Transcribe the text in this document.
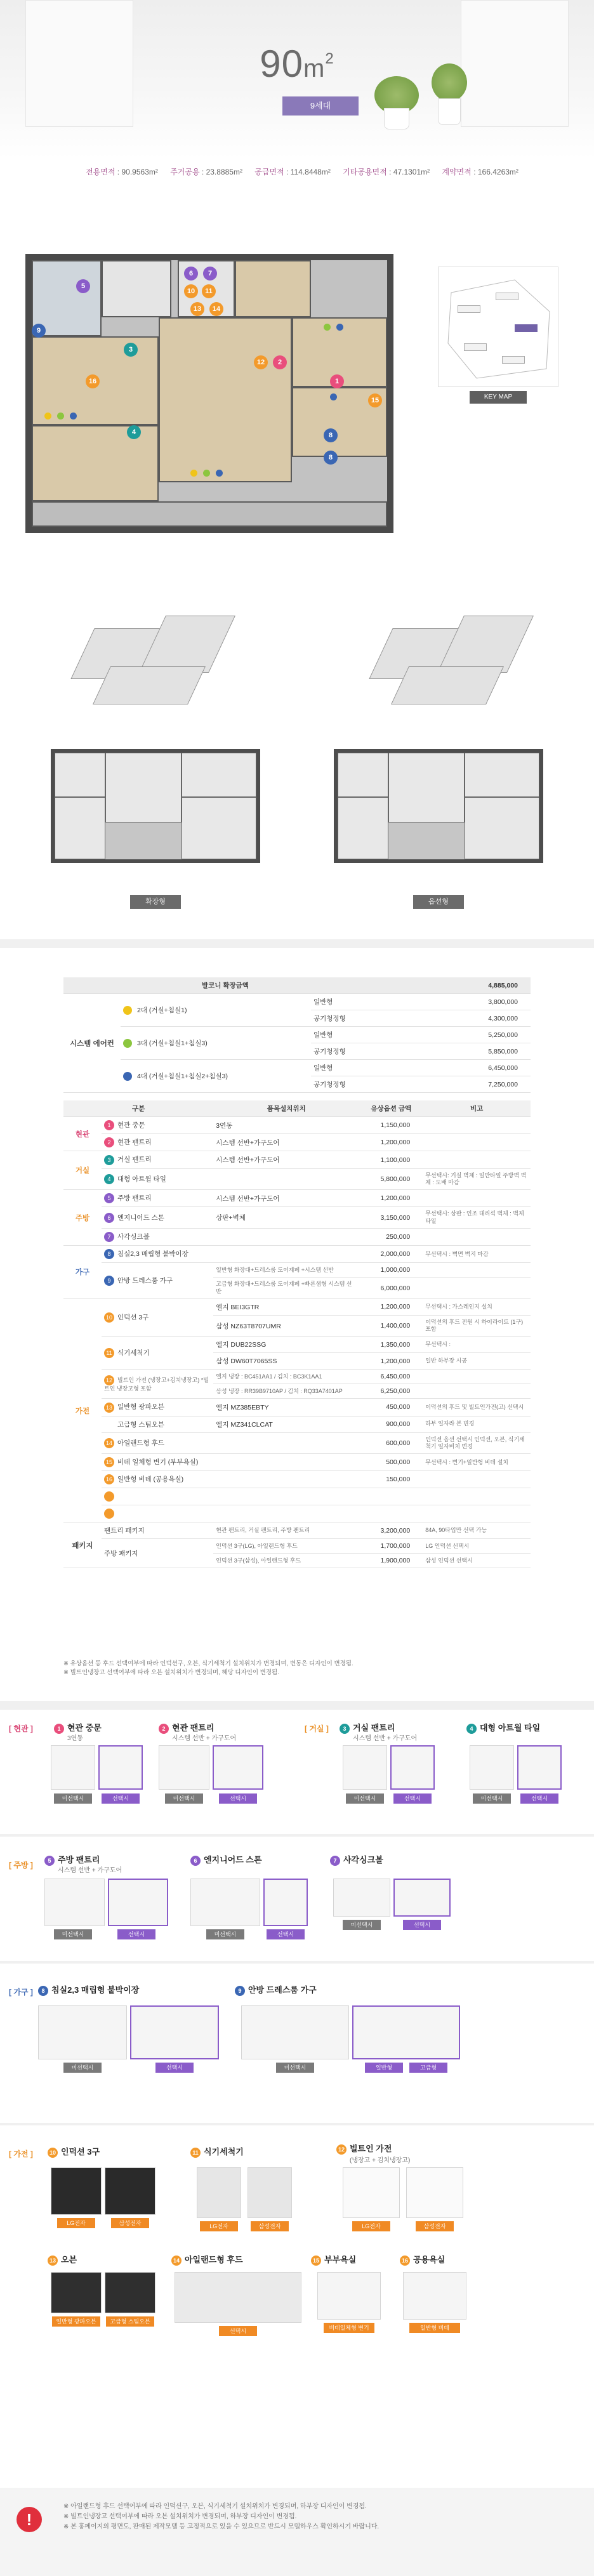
$90m^2$
9세대
전용면적 : 90.9563m² 주거공용 : 23.8885m² 공급면적 : 114.8448m² 기타공용면적 : 47.1301m² 계약면적 : 166.4263m²
5
6	7
10	11
13	14
9
3
12	2
1
16
15
4	8
8
KEY MAP
확장형	옵션형
발코니 확장금액			4,885,000
시스템 에어컨	2대 (거실+침실1)	일반형	3,800,000
		공기청정형	4,300,000
	3대 (거실+침실1+침실3)	일반형	5,250,000
		공기청정형	5,850,000
	4대 (거실+침실1+침실2+침실3)	일반형	6,450,000
		공기청정형	7,250,000
구분		품목설치위치	유상옵션 금액	비고
현관	1 현관 중문	3연동	1,150,000	
	2 현관 팬트리	시스템 선반+가구도어	1,200,000	
거실	3 거실 팬트리	시스템 선반+가구도어	1,100,000	
	4 대형 아트월 타일		5,800,000	무선택시: 거실 벽체 : 일반타일 주방벽 벽체 : 도배 마감
주방	5 주방 팬트리	시스템 선반+가구도어	1,200,000	
	6 엔지니어드 스톤	상판+벽체	3,150,000	무선택시: 상판 : 인조 대리석 벽체 : 벽체 타일
	7 사각싱크볼		250,000	
가구	8 침실2,3 매립형 붙박이장		2,000,000	무선택시 : 벽면 벽지 마감
	9 안방 드레스룸 가구	일반형 화장대+드레스룸 도어계폐 +시스템 선반	1,000,000	
		고급형 화장대+드레스룸 도어계폐 +빠른샘형 시스템 선반	6,000,000	
가전	10 인덕션 3구	엘지 BEI3GTR	1,200,000	무선택시 : 가스레인지 설치
		삼성 NZ63T8707UMR	1,400,000	이덕션의 후드 전원 시 하이라이트 (1구) 포함
	11 식기세척기	엘지 DUB22SSG	1,350,000	무선택시 :
		삼성 DW60T7065SS	1,200,000	일반 하부장 시공
	12 빌트인 가전 (냉장고+김치냉장고) *빌트인 냉장고형 포함	엘지 냉장 : BC451AA1 / 김치 : BC3K1AA1	6,450,000	
		삼성 냉장 : RR39B9710AP / 김치 : RQ33A7401AP	6,250,000	
	13 일반형 광파오븐	엘지 MZ385EBTY	450,000	이덕션의 후드 및 빌트인가전(고) 선택시
	고급형 스팀오븐	엘지 MZ341CLCAT	900,000	하부 일자라 본 변경
	14 아일랜드형 후드		600,000	인덕션 옵션 선택시 인덕션, 오븐, 식기세척기 일자비치 변경
	15 비데 일체형 변기 (부부욕실)		500,000	무선택시 : 변기+일반형 비데 설치
	16 일반형 비데 (공용욕실)		150,000	

패키지	팬트리 패키지	현관 팬트리, 거실 팬트리, 주방 팬트리	3,200,000	84A, 90타입만 선택 가능
	주방 패키지	인덕션 3구(LG), 아일랜드형 후드	1,700,000	LG 인덕션 선택시
		인덕션 3구(삼성), 아일랜드형 후드	1,900,000	삼성 인덕션 선택시
※ 유상옵션 등 후드 선택여부에 따라 인덕션구, 오븐, 식기세척기 설치위치가 변경되며, 변동은 디자인이 변경됨.
※ 빌트인냉장고 선택여부에 따라 오븐 설치위치가 변경되며, 해당 디자인이 변경됨.
[ 현관 ]	1 현관 중문
3연동
미선택시	선택시
2 현관 팬트리
시스템 선반 + 가구도어
미선택시	선택시
[ 거실 ]	3 거실 팬트리
시스템 선반 + 가구도어
미선택시	선택시
4 대형 아트월 타일
미선택시	선택시
[ 주방 ]
5 주방 팬트리
시스템 선반 + 가구도어
미선택시	선택시
6 엔지니어드 스톤
미선택시	선택시
7 사각싱크볼
미선택시	선택시
[ 가구 ]	8 침실2,3 매립형 붙박이장
미선택시	선택시
9 안방 드레스룸 가구
미선택시	일반형	고급형
[ 가전 ]	10 인덕션 3구
LG전자	삼성전자
11 식기세척기
LG전자	삼성전자
12 빌트인 가전
(냉장고 + 김치냉장고)
LG전자	삼성전자
13 오븐
일반형 광파오븐	고급형 스팀오븐
14 아일랜드형 후드
선택시
15 부부욕실
비데일체형 변기
16 공용욕실
일반형 비데
!
※ 아일랜드형 후드 선택여부에 따라 인덕션구, 오븐, 식기세척기 설치위치가 변경되며, 하부장 디자인이 변경됨.
※ 빌트인냉장고 선택여부에 따라 오븐 설치위치가 변경되며, 하부장 디자인이 변경됨.
※ 본 홍페이지의 평면도, 판매된 제작모델 등 고정적으로 있을 수 있으므로 반드시 모델하우스 확인하시기 바랍니다.
